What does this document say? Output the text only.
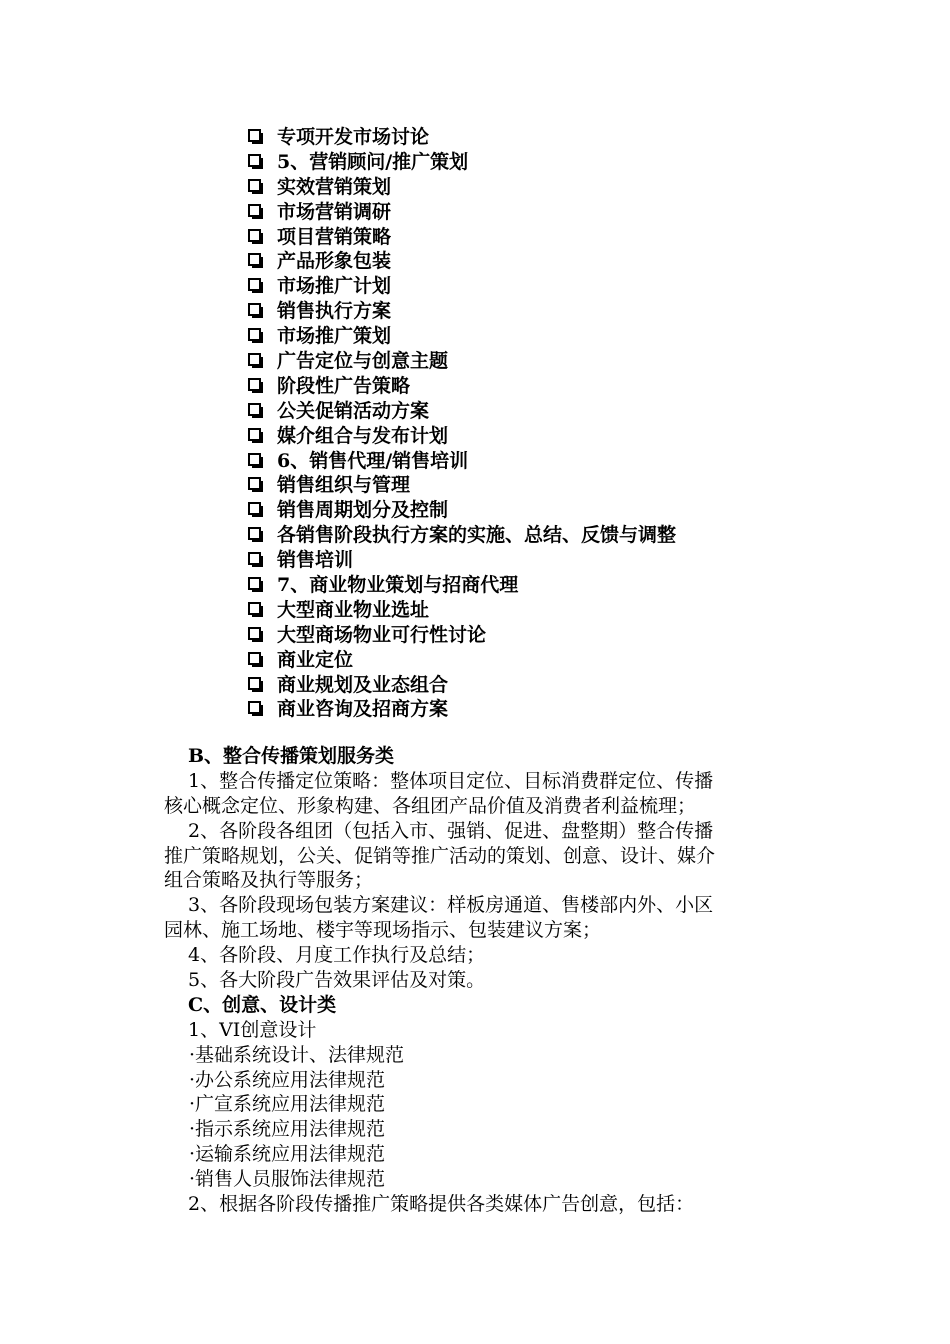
专项开发市场讨论
5、营销顾问/推广策划
实效营销策划
市场营销调研
项目营销策略
产品形象包装
市场推广计划
销售执行方案
市场推广策划
广告定位与创意主题
阶段性广告策略
公关促销活动方案
媒介组合与发布计划
6、销售代理/销售培训
销售组织与管理
销售周期划分及控制
各销售阶段执行方案的实施、总结、反馈与调整
销售培训
7、商业物业策划与招商代理
大型商业物业选址
大型商场物业可行性讨论
商业定位
商业规划及业态组合
商业咨询及招商方案
B、整合传播策划服务类
1、整合传播定位策略：整体项目定位、目标消费群定位、传播
核心概念定位、形象构建、各组团产品价值及消费者利益梳理；
2、各阶段各组团（包括入市、强销、促进、盘整期）整合传播
推广策略规划，公关、促销等推广活动的策划、创意、设计、媒介
组合策略及执行等服务；
3、各阶段现场包装方案建议：样板房通道、售楼部内外、小区
园林、施工场地、楼宇等现场指示、包装建议方案；
4、各阶段、月度工作执行及总结；
5、各大阶段广告效果评估及对策。
C、创意、设计类
1、VI创意设计
·基础系统设计、法律规范
·办公系统应用法律规范
·广宣系统应用法律规范
·指示系统应用法律规范
·运输系统应用法律规范
·销售人员服饰法律规范
2、根据各阶段传播推广策略提供各类媒体广告创意，包括：
